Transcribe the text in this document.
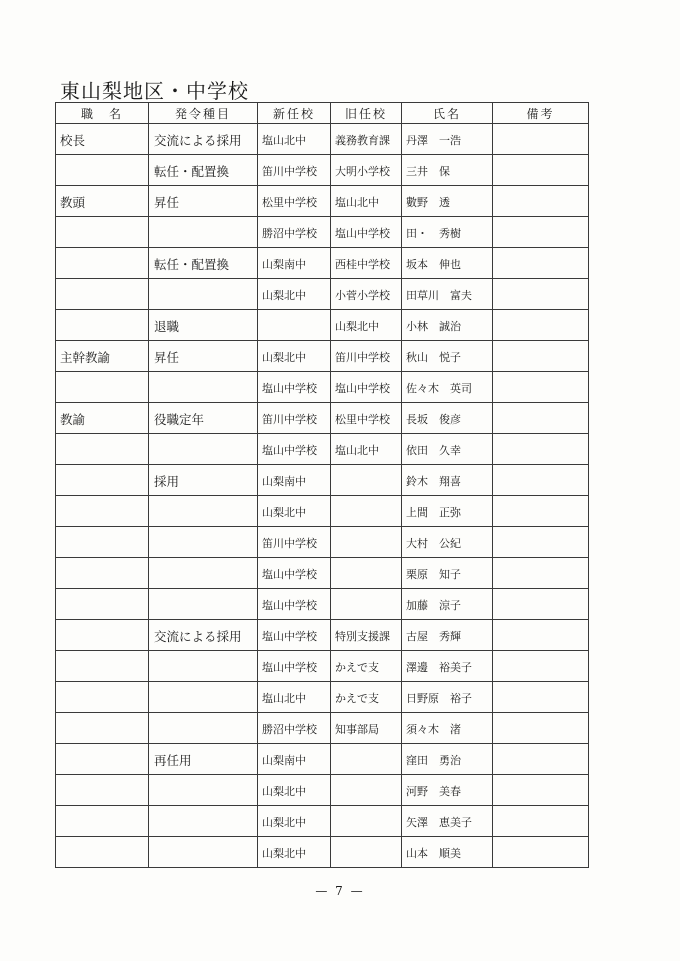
東山梨地区・中学校
職　名	発令種目	新任校	旧任校	氏名	備考

校長	交流による採用	塩山北中	義務教育課	丹澤　一浩	

	転任・配置換	笛川中学校	大明小学校	三井　保	

教頭	昇任	松里中学校	塩山北中	數野　透	

		勝沼中学校	塩山中学校	田・　秀樹	

	転任・配置換	山梨南中	西桂中学校	坂本　伸也	

		山梨北中	小菅小学校	田草川　富夫	

	退職		山梨北中	小林　誠治	

主幹教諭	昇任	山梨北中	笛川中学校	秋山　悦子	

		塩山中学校	塩山中学校	佐々木　英司	

教諭	役職定年	笛川中学校	松里中学校	長坂　俊彦	

		塩山中学校	塩山北中	依田　久幸	

	採用	山梨南中		鈴木　翔喜	

		山梨北中		上間　正弥	

		笛川中学校		大村　公紀	

		塩山中学校		栗原　知子	

		塩山中学校		加藤　涼子	

	交流による採用	塩山中学校	特別支援課	古屋　秀輝	

		塩山中学校	かえで支	澤邊　裕美子	

		塩山北中	かえで支	日野原　裕子	

		勝沼中学校	知事部局	須々木　渚	

	再任用	山梨南中		窪田　勇治	

		山梨北中		河野　美春	

		山梨北中		矢澤　恵美子	

		山梨北中		山本　順美	

— 7 —
